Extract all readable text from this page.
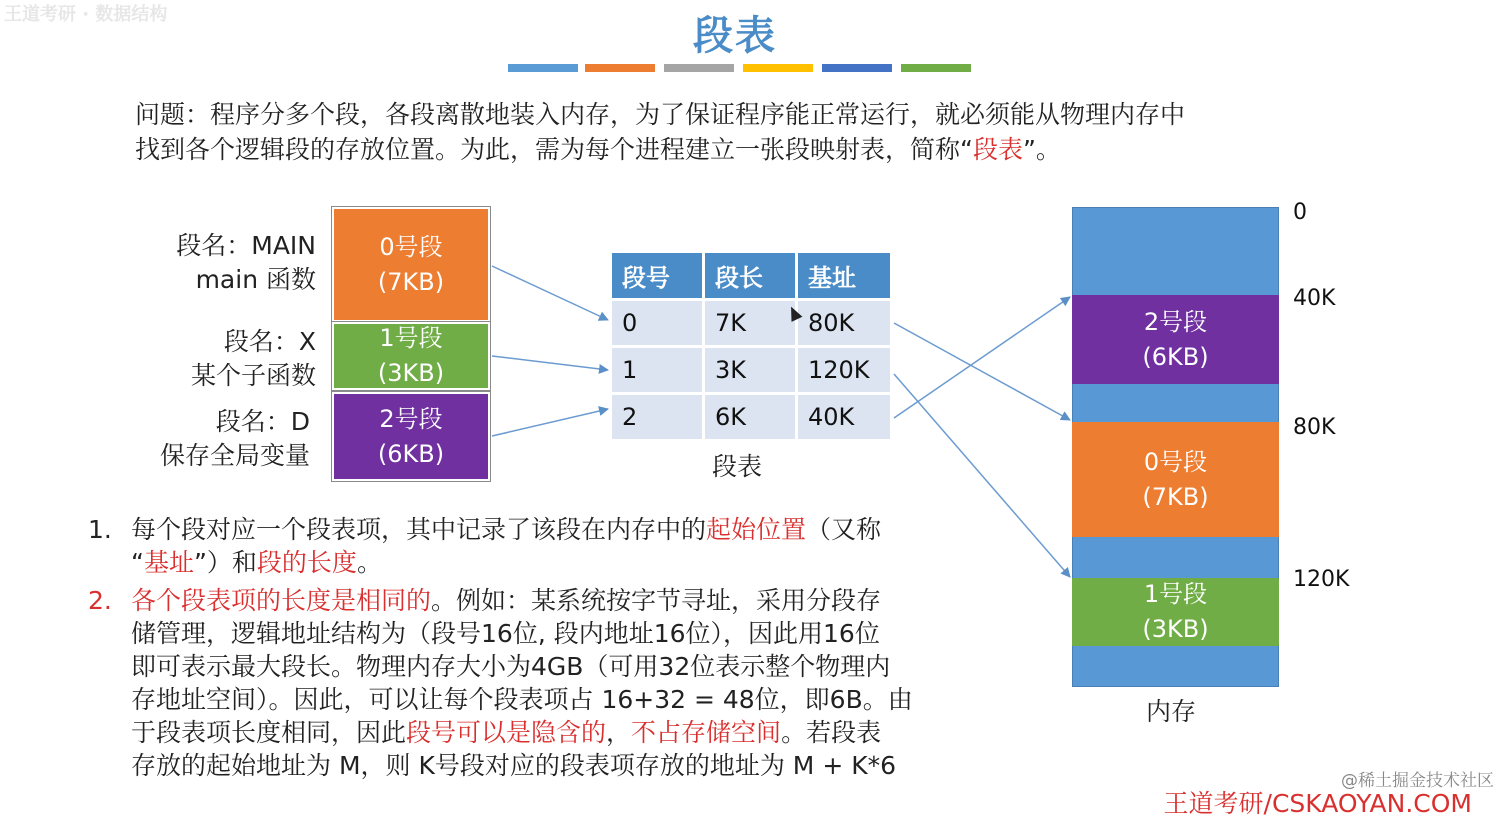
王道考研 · 数据结构	段表
问题：程序分多个段，各段离散地装入内存，为了保证程序能正常运行，就必须能从物理内存中
找到各个逻辑段的存放位置。为此，需为每个进程建立一张段映射表，简称“段表”。
段名：MAIN
main 函数
段名：X
某个子函数
段名：D
保存全局变量
0号段
(7KB)
1号段
(3KB)
2号段
(6KB)
段号	段长	基址
0	7K	80K
1	3K	120K
2	6K	40K
段表
2号段
(6KB)
0号段
(7KB)
1号段
(3KB)
内存
0
40K
80K
120K
1. 每个段对应一个段表项，其中记录了该段在内存中的起始位置（又称
“基址”）和段的长度。
2. 各个段表项的长度是相同的。例如：某系统按字节寻址，采用分段存
储管理，逻辑地址结构为（段号16位, 段内地址16位），因此用16位
即可表示最大段长。物理内存大小为4GB（可用32位表示整个物理内
存地址空间）。因此，可以让每个段表项占 16+32 = 48位，即6B。由
于段表项长度相同，因此段号可以是隐含的，不占存储空间。若段表
存放的起始地址为 M，则 K号段对应的段表项存放的地址为 M + K*6
@稀土掘金技术社区
王道考研/CSKAOYAN.COM
